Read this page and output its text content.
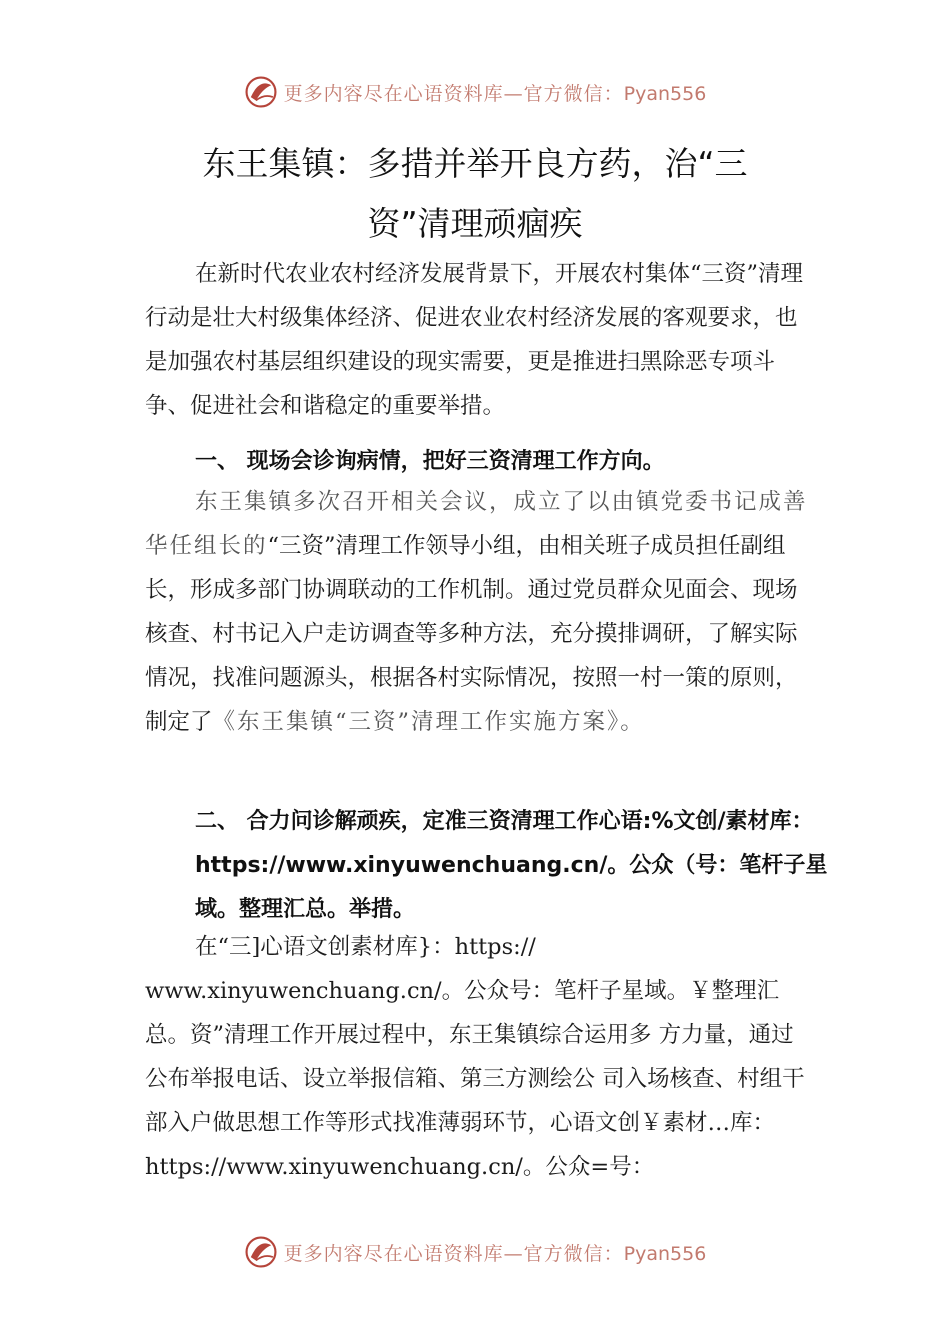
更多内容尽在心语资料库—官方微信：Pyan556
东王集镇：多措并举开良方药，治“三
资”清理顽痼疾

在新时代农业农村经济发展背景下，开展农村集体“三资”清理行动是壮大村级集体经济、促进农业农村经济发展的客观要求，也是加强农村基层组织建设的现实需要，更是推进扫黑除恶专项斗争、促进社会和谐稳定的重要举措。

一、 现场会诊询病情，把好三资清理工作方向。

东王集镇多次召开相关会议，成立了以由镇党委书记成善华任组长的“三资”清理工作领导小组，由相关班子成员担任副组长，形成多部门协调联动的工作机制。通过党员群众见面会、现场核查、村书记入户走访调查等多种方法，充分摸排调研，了解实际情况，找准问题源头，根据各村实际情况，按照一村一策的原则，制定了《东王集镇“三资”清理工作实施方案》。

二、 合力问诊解顽疾，定准三资清理工作心语:%文创/素材库：https://www.xinyuwenchuang.cn/。公众（号：笔杆子星域。整理汇总。举措。

在“三]心语文创素材库}：https://

www.xinyuwenchuang.cn/。公众号：笔杆子星域。￥整理汇

总。资”清理工作开展过程中，东王集镇综合运用多 方力量，通过公布举报电话、设立举报信箱、第三方测绘公 司入场核查、村组干部入户做思想工作等形式找准薄弱环节，心语文创￥素材…库：https://www.xinyuwenchuang.cn/。公众=号：

更多内容尽在心语资料库—官方微信：Pyan556
